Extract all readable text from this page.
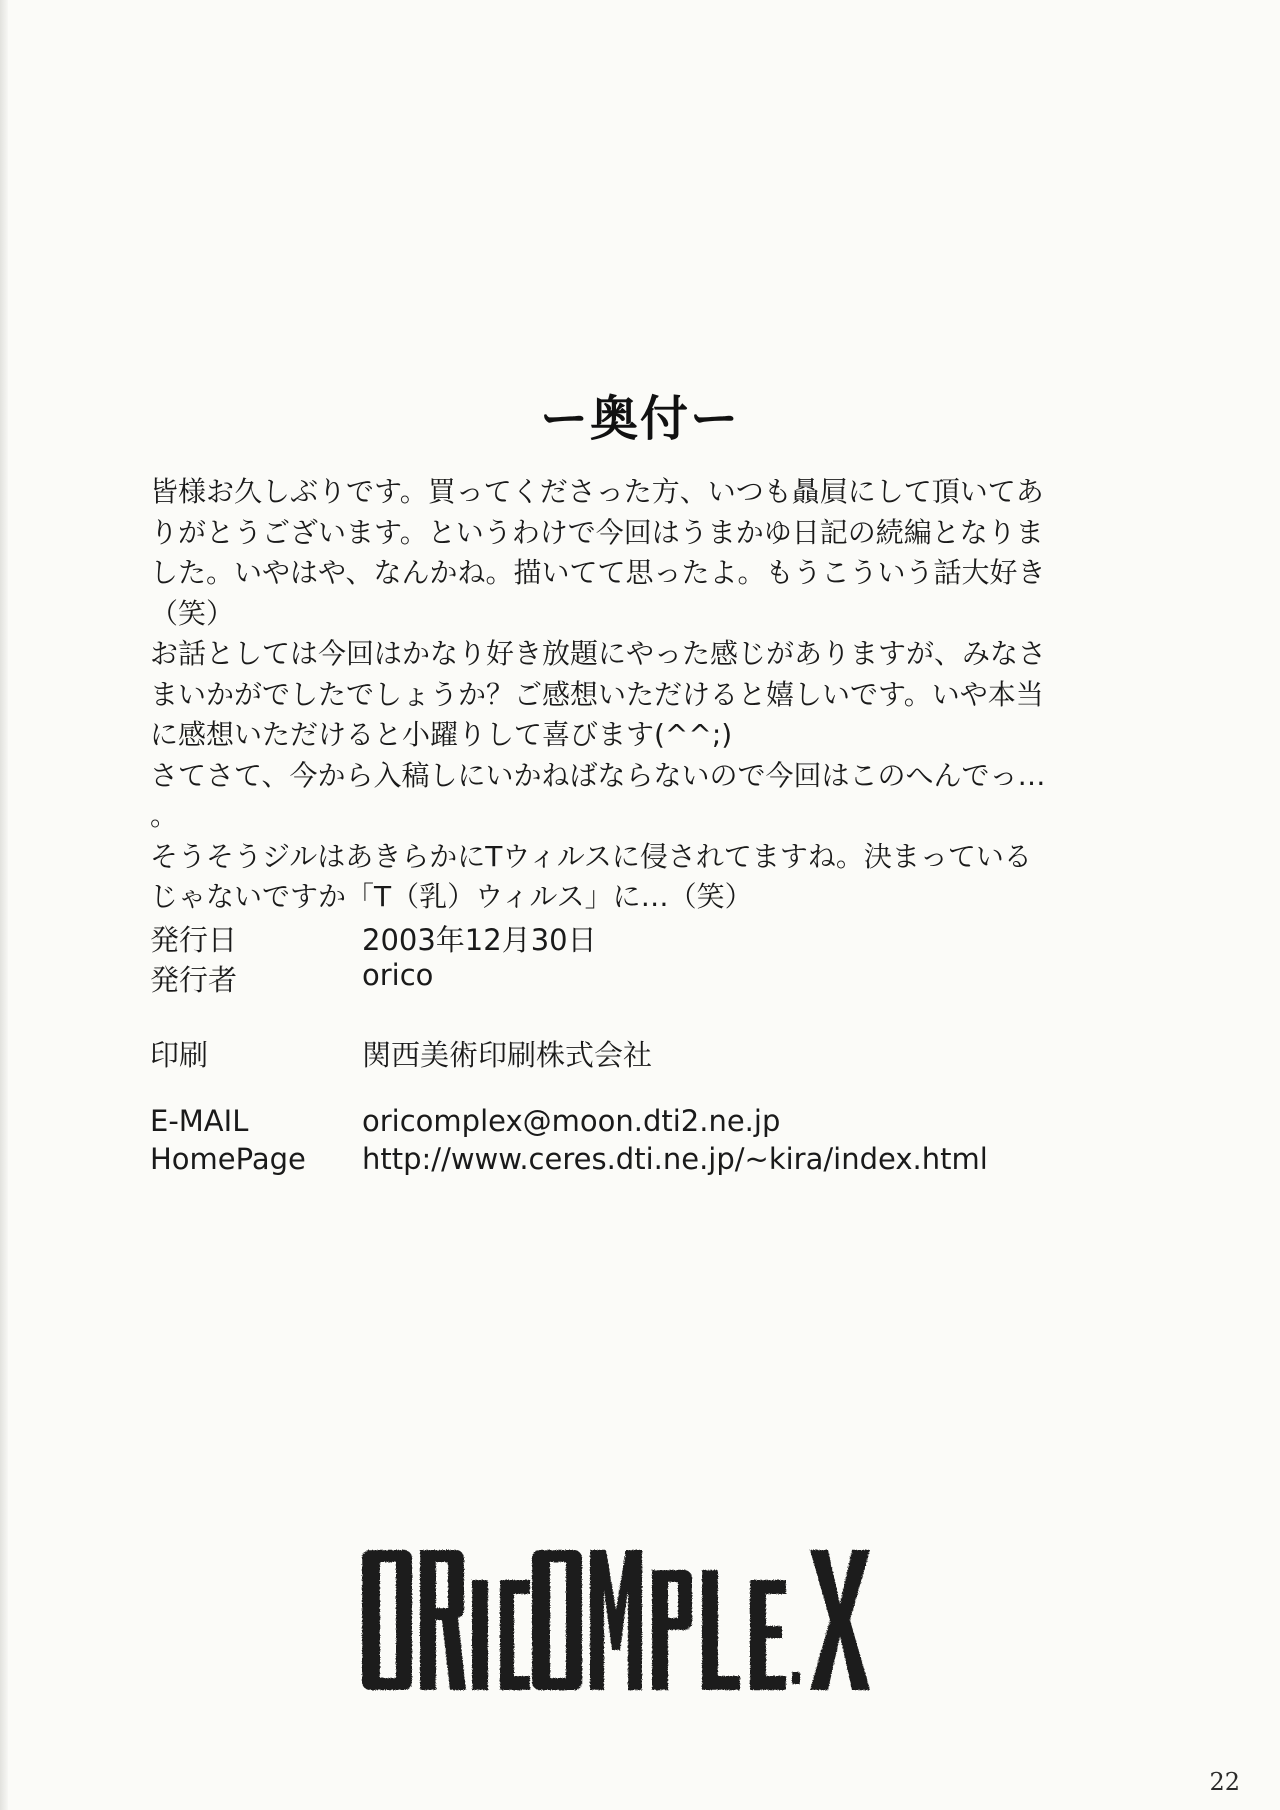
ー奥付ー

皆様お久しぶりです。買ってくださった方、いつも贔屓にして頂いてあ

りがとうございます。というわけで今回はうまかゆ日記の続編となりま

した。いやはや、なんかね。描いてて思ったよ。もうこういう話大好き

（笑）

お話としては今回はかなり好き放題にやった感じがありますが、みなさ

まいかがでしたでしょうか？ご感想いただけると嬉しいです。いや本当

に感想いただけると小躍りして喜びます(^^;)

さてさて、今から入稿しにいかねばならないので今回はこのへんでっ…

。

そうそうジルはあきらかにTウィルスに侵されてますね。決まっている

じゃないですか「T（乳）ウィルス」に…（笑）

発行日	2003年12月30日
発行者	orico
印刷	関西美術印刷株式会社
E-MAIL	oricomplex@moon.dti2.ne.jp
HomePage	http://www.ceres.dti.ne.jp/~kira/index.html
22
